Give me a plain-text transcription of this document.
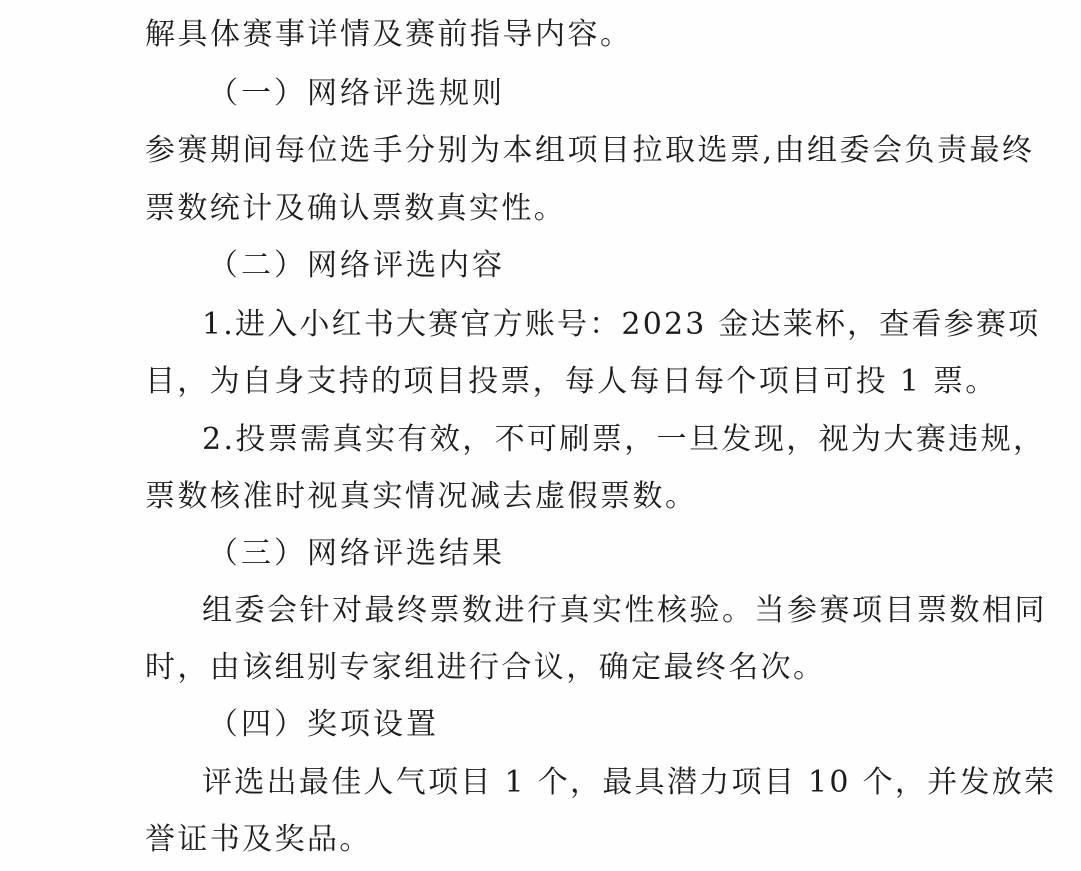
解具体赛事详情及赛前指导内容。
（一）网络评选规则
参赛期间每位选手分别为本组项目拉取选票,由组委会负责最终
票数统计及确认票数真实性。
（二）网络评选内容
1.进入小红书大赛官方账号：2023 金达莱杯，查看参赛项
目，为自身支持的项目投票，每人每日每个项目可投 1 票。
2.投票需真实有效，不可刷票，一旦发现，视为大赛违规，
票数核准时视真实情况减去虚假票数。
（三）网络评选结果
组委会针对最终票数进行真实性核验。当参赛项目票数相同
时，由该组别专家组进行合议，确定最终名次。
（四）奖项设置
评选出最佳人气项目 1 个，最具潜力项目 10 个，并发放荣
誉证书及奖品。
